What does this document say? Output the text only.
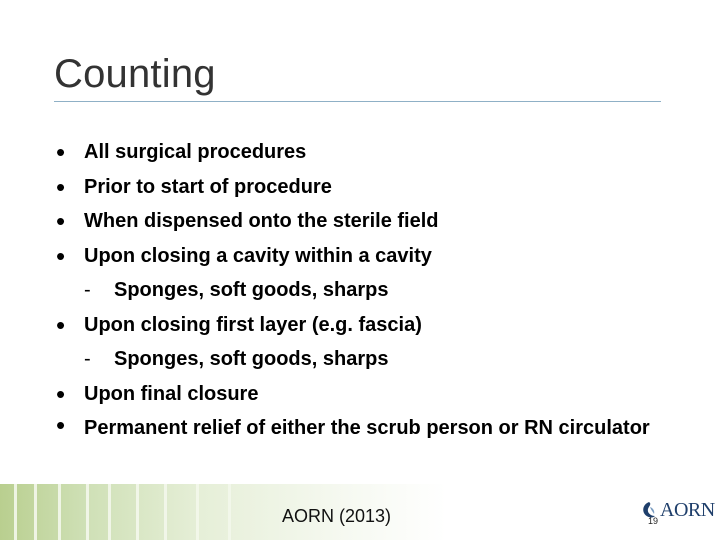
Counting
• All surgical procedures
• Prior to start of procedure
• When dispensed onto the sterile field
• Upon closing a cavity within a cavity
- Sponges, soft goods, sharps
• Upon closing first layer (e.g. fascia)
- Sponges, soft goods, sharps
• Upon final closure
• Permanent relief of either the scrub person or RN circulator
AORN (2013)	AORN
19
